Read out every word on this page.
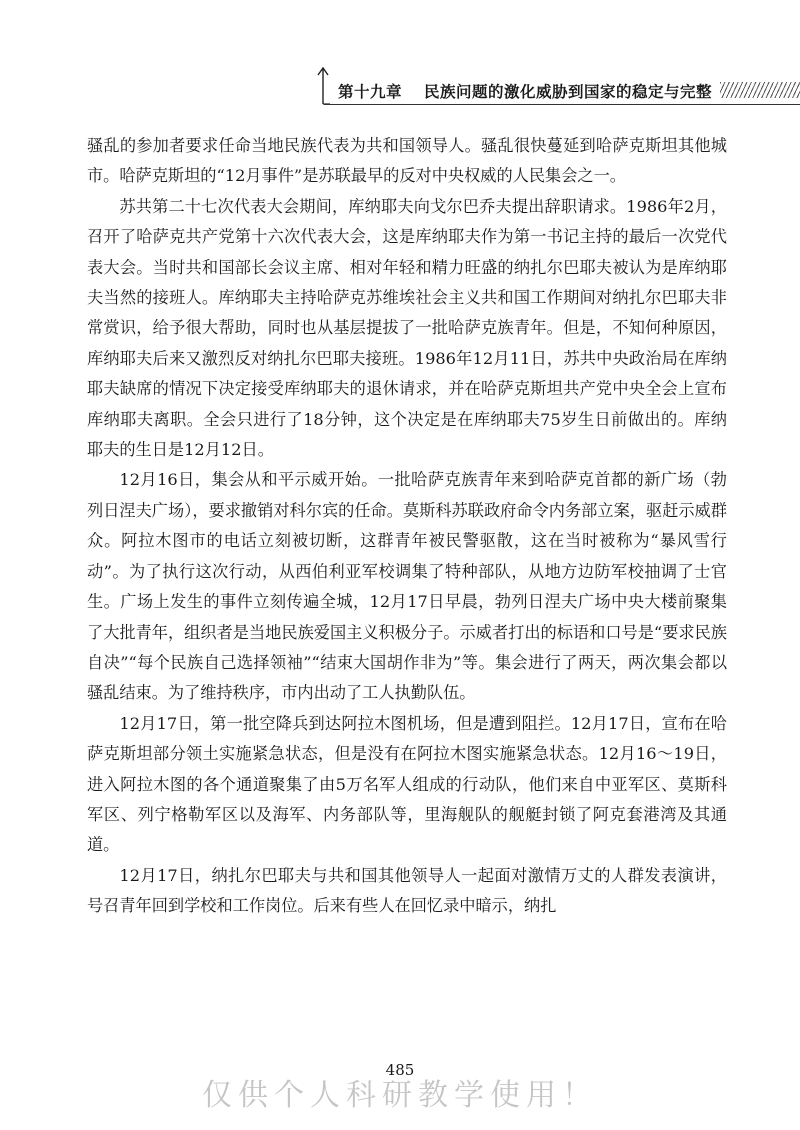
第十九章 民族问题的激化威胁到国家的稳定与完整

骚乱的参加者要求任命当地民族代表为共和国领导人。骚乱很快蔓延到哈萨克斯坦其他城市。哈萨克斯坦的“12月事件”是苏联最早的反对中央权威的人民集会之一。

苏共第二十七次代表大会期间，库纳耶夫向戈尔巴乔夫提出辞职请求。1986年2月，召开了哈萨克共产党第十六次代表大会，这是库纳耶夫作为第一书记主持的最后一次党代表大会。当时共和国部长会议主席、相对年轻和精力旺盛的纳扎尔巴耶夫被认为是库纳耶夫当然的接班人。库纳耶夫主持哈萨克苏维埃社会主义共和国工作期间对纳扎尔巴耶夫非常赏识，给予很大帮助，同时也从基层提拔了一批哈萨克族青年。但是，不知何种原因，库纳耶夫后来又激烈反对纳扎尔巴耶夫接班。1986年12月11日，苏共中央政治局在库纳耶夫缺席的情况下决定接受库纳耶夫的退休请求，并在哈萨克斯坦共产党中央全会上宣布库纳耶夫离职。全会只进行了18分钟，这个决定是在库纳耶夫75岁生日前做出的。库纳耶夫的生日是12月12日。

12月16日，集会从和平示威开始。一批哈萨克族青年来到哈萨克首都的新广场（勃列日涅夫广场），要求撤销对科尔宾的任命。莫斯科苏联政府命令内务部立案，驱赶示威群众。阿拉木图市的电话立刻被切断，这群青年被民警驱散，这在当时被称为“暴风雪行动”。为了执行这次行动，从西伯利亚军校调集了特种部队，从地方边防军校抽调了士官生。广场上发生的事件立刻传遍全城，12月17日早晨，勃列日涅夫广场中央大楼前聚集了大批青年，组织者是当地民族爱国主义积极分子。示威者打出的标语和口号是“要求民族自决”“每个民族自己选择领袖”“结束大国胡作非为”等。集会进行了两天，两次集会都以骚乱结束。为了维持秩序，市内出动了工人执勤队伍。

12月17日，第一批空降兵到达阿拉木图机场，但是遭到阻拦。12月17日，宣布在哈萨克斯坦部分领土实施紧急状态，但是没有在阿拉木图实施紧急状态。12月16～19日，进入阿拉木图的各个通道聚集了由5万名军人组成的行动队，他们来自中亚军区、莫斯科军区、列宁格勒军区以及海军、内务部队等，里海舰队的舰艇封锁了阿克套港湾及其通道。

12月17日，纳扎尔巴耶夫与共和国其他领导人一起面对激情万丈的人群发表演讲，号召青年回到学校和工作岗位。后来有些人在回忆录中暗示，纳扎

485
仅供个人科研教学使用！
